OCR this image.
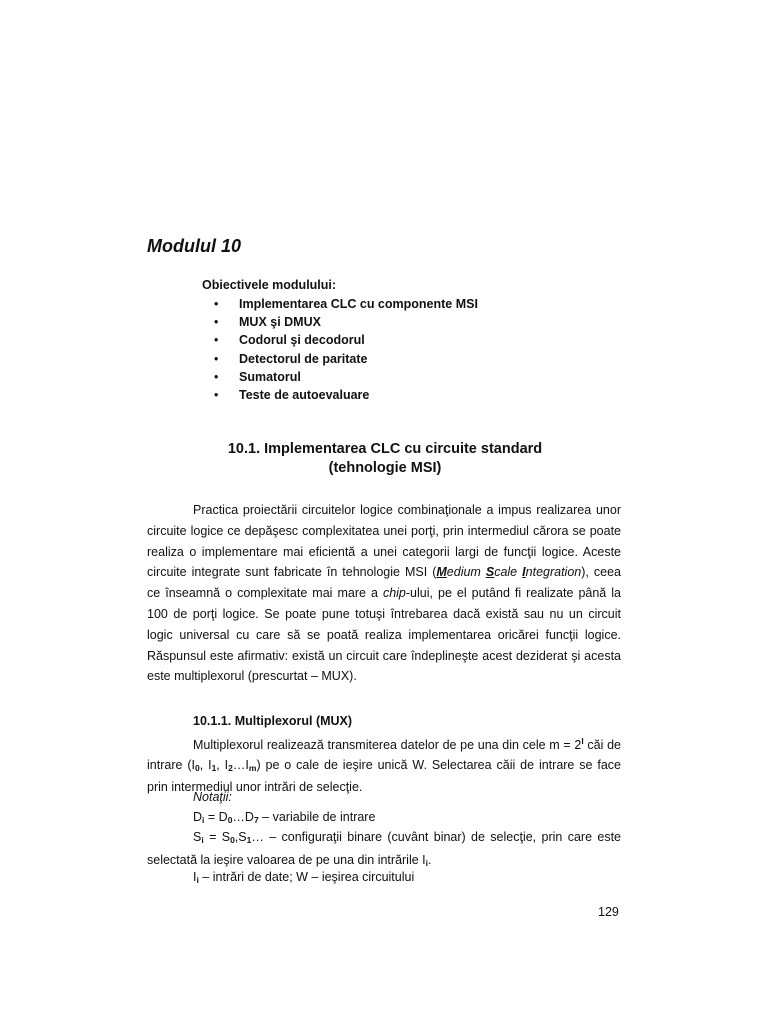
Modulul 10

Obiectivele modulului:

• Implementarea CLC cu componente MSI
• MUX şi DMUX
• Codorul şi decodorul
• Detectorul de paritate
• Sumatorul
• Teste de autoevaluare
10.1. Implementarea CLC cu circuite standard
(tehnologie MSI)

Practica proiectării circuitelor logice combinaţionale a impus realizarea unor circuite logice ce depăşesc complexitatea unei porţi, prin intermediul cărora se poate realiza o implementare mai eficientă a unei categorii largi de funcţii logice. Aceste circuite integrate sunt fabricate în tehnologie MSI (Medium Scale Integration), ceea ce înseamnă o complexitate mai mare a chip-ului, pe el putând fi realizate până la 100 de porţi logice. Se poate pune totuşi întrebarea dacă există sau nu un circuit logic universal cu care să se poată realiza implementarea oricărei funcţii logice. Răspunsul este afirmativ: există un circuit care îndeplineşte acest deziderat şi acesta este multiplexorul (prescurtat – MUX).

10.1.1. Multiplexorul (MUX)

Multiplexorul realizează transmiterea datelor de pe una din cele $m = 2^l$ căi de intrare ($I_0$, $I_1$, $I_2\dots I_m$) pe o cale de ieşire unică W. Selectarea căii de intrare se face prin intermediul unor intrări de selecţie.

Notaţii:

$D_i$ = $D_0\dots D_7$ – variabile de intrare

$S_i$ = $S_0,S_1\dots$ – configuraţii binare (cuvânt binar) de selecţie, prin care este selectată la ieşire valoarea de pe una din intrările $I_i$.

$I_i$ – intrări de date; W – ieşirea circuitului

129
